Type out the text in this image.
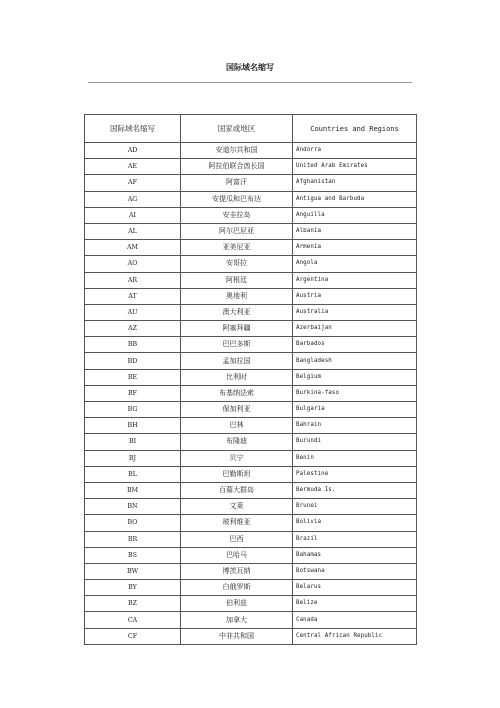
国际域名缩写
国际域名缩写	国家或地区	Countries and Regions
AD	安道尔共和国	Andorra
AE	阿拉伯联合酋长国	United Arab Emirates
AF	阿富汗	Afghanistan
AG	安提瓜和巴布达	Antigua and Barbuda
AI	安圭拉岛	Anguilla
AL	阿尔巴尼亚	Albania
AM	亚美尼亚	Armenia
AO	安哥拉	Angola
AR	阿根廷	Argentina
AT	奥地利	Austria
AU	澳大利亚	Australia
AZ	阿塞拜疆	Azerbaijan
BB	巴巴多斯	Barbados
BD	孟加拉国	Bangladesh
BE	比利时	Belgium
BF	布基纳法索	Burkina-faso
BG	保加利亚	Bulgaria
BH	巴林	Bahrain
BI	布隆迪	Burundi
BJ	贝宁	Benin
BL	巴勒斯坦	Palestine
BM	百慕大群岛	Bermuda Is.
BN	文莱	Brunei
BO	玻利维亚	Bolivia
BR	巴西	Brazil
BS	巴哈马	Bahamas
BW	博茨瓦纳	Botswana
BY	白俄罗斯	Belarus
BZ	伯利兹	Belize
CA	加拿大	Canada
CF	中非共和国	Central African Republic
